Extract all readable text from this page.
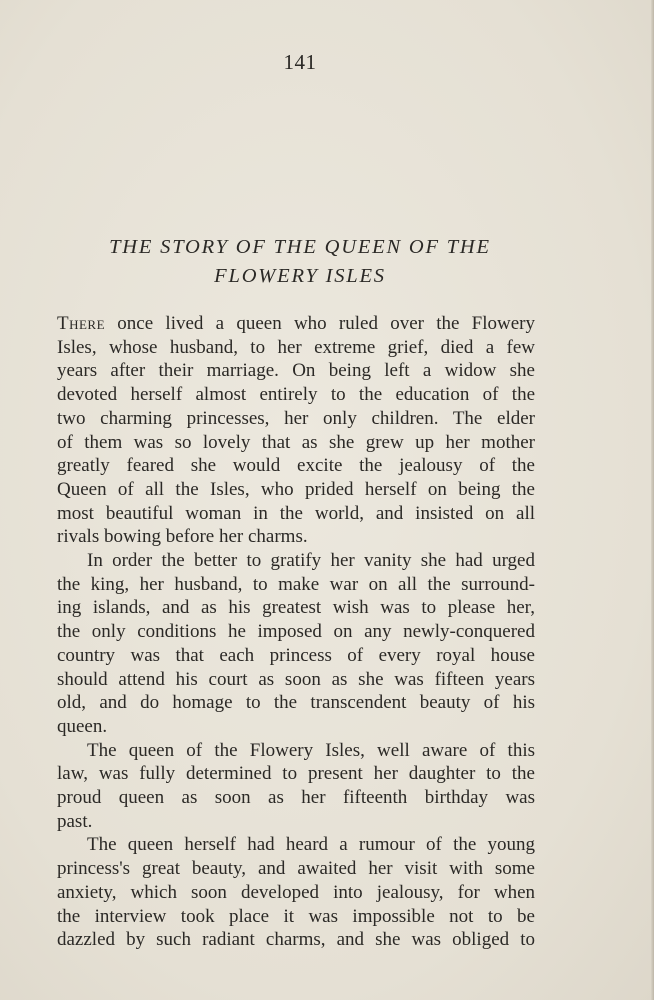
141
THE STORY OF THE QUEEN OF THE
FLOWERY ISLES
There once lived a queen who ruled over the Flowery
Isles, whose husband, to her extreme grief, died a few
years after their marriage. On being left a widow she
devoted herself almost entirely to the education of the
two charming princesses, her only children. The elder
of them was so lovely that as she grew up her mother
greatly feared she would excite the jealousy of the
Queen of all the Isles, who prided herself on being the
most beautiful woman in the world, and insisted on all
rivals bowing before her charms.
In order the better to gratify her vanity she had urged
the king, her husband, to make war on all the surround-
ing islands, and as his greatest wish was to please her,
the only conditions he imposed on any newly-conquered
country was that each princess of every royal house
should attend his court as soon as she was fifteen years
old, and do homage to the transcendent beauty of his
queen.
The queen of the Flowery Isles, well aware of this
law, was fully determined to present her daughter to the
proud queen as soon as her fifteenth birthday was
past.
The queen herself had heard a rumour of the young
princess's great beauty, and awaited her visit with some
anxiety, which soon developed into jealousy, for when
the interview took place it was impossible not to be
dazzled by such radiant charms, and she was obliged to
